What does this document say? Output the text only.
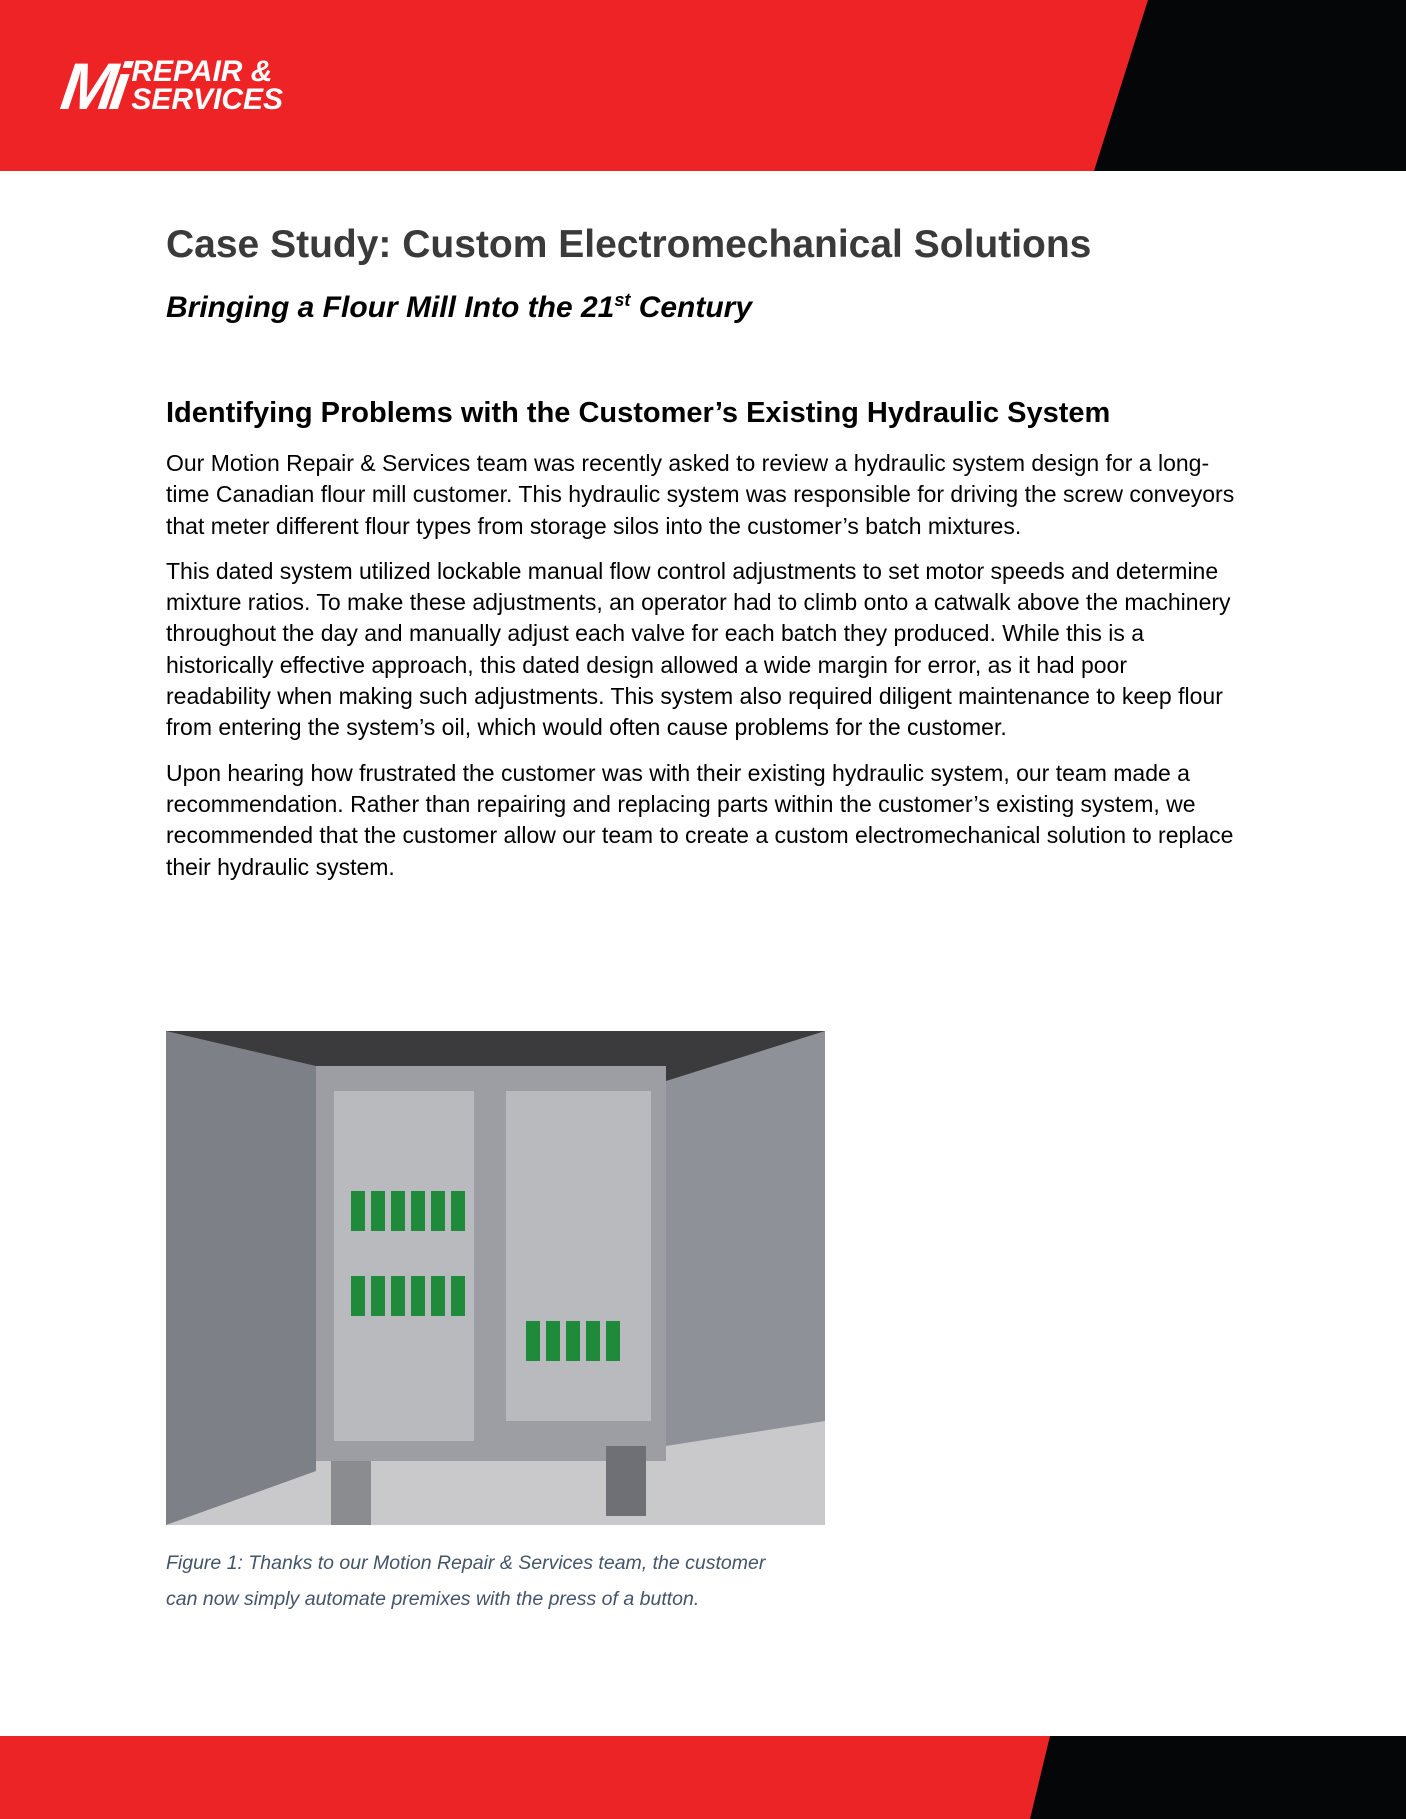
Mi REPAIR &
SERVICES
Case Study: Custom Electromechanical Solutions
Bringing a Flour Mill Into the 21st Century
Identifying Problems with the Customer’s Existing Hydraulic System

Our Motion Repair & Services team was recently asked to review a hydraulic system design for a long-time Canadian flour mill customer. This hydraulic system was responsible for driving the screw conveyors that meter different flour types from storage silos into the customer’s batch mixtures.

This dated system utilized lockable manual flow control adjustments to set motor speeds and determine mixture ratios. To make these adjustments, an operator had to climb onto a catwalk above the machinery throughout the day and manually adjust each valve for each batch they produced. While this is a historically effective approach, this dated design allowed a wide margin for error, as it had poor readability when making such adjustments. This system also required diligent maintenance to keep flour from entering the system’s oil, which would often cause problems for the customer.

Upon hearing how frustrated the customer was with their existing hydraulic system, our team made a recommendation. Rather than repairing and replacing parts within the customer’s existing system, we recommended that the customer allow our team to create a custom electromechanical solution to replace their hydraulic system.

Figure 1: Thanks to our Motion Repair & Services team, the customer
can now simply automate premixes with the press of a button.
